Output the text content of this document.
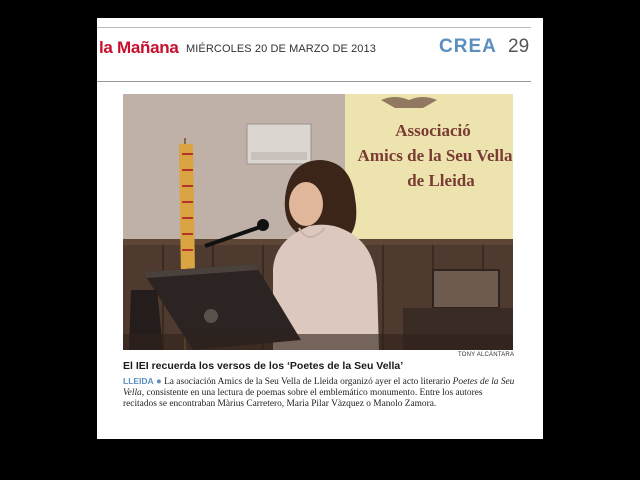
la Mañana MIÉRCOLES 20 DE MARZO DE 2013	CREA 29
Associació
Amics de la Seu Vella
de Lleida
TONY ALCÁNTARA
El IEI recuerda los versos de los ‘Poetes de la Seu Vella’
LLEIDA ● La asociación Amics de la Seu Vella de Lleida organizó ayer el acto literario Poetes de la Seu Vella, consistente en una lectura de poemas sobre el emblemático monumento. Entre los autores recitados se encontraban Màrius Carretero, Maria Pilar Vàzquez o Manolo Zamora.
